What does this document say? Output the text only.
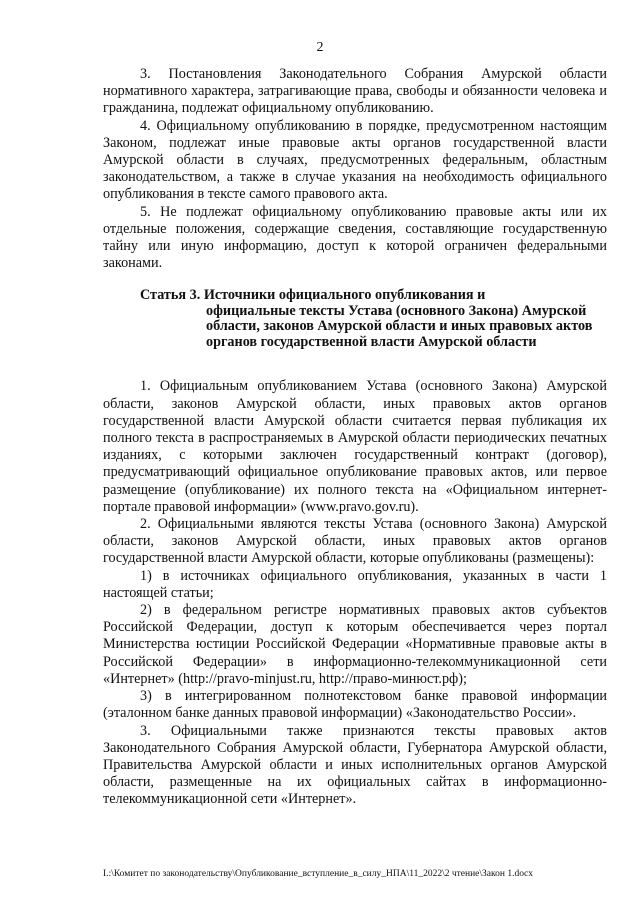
2

3. Постановления Законодательного Собрания Амурской области нормативного характера, затрагивающие права, свободы и обязанности человека и гражданина, подлежат официальному опубликованию.

4. Официальному опубликованию в порядке, предусмотренном настоящим Законом, подлежат иные правовые акты органов государственной власти Амурской области в случаях, предусмотренных федеральным, областным законодательством, а также в случае указания на необходимость официального опубликования в тексте самого правового акта.

5. Не подлежат официальному опубликованию правовые акты или их отдельные положения, содержащие сведения, составляющие государственную тайну или иную информацию, доступ к которой ограничен федеральными законами.

Статья 3. Источники официального опубликования и
официальные тексты Устава (основного Закона) Амурской области, законов Амурской области и иных правовых актов органов государственной власти Амурской области

1. Официальным опубликованием Устава (основного Закона) Амурской области, законов Амурской области, иных правовых актов органов государственной власти Амурской области считается первая публикация их полного текста в распространяемых в Амурской области периодических печатных изданиях, с которыми заключен государственный контракт (договор), предусматривающий официальное опубликование правовых актов, или первое размещение (опубликование) их полного текста на «Официальном интернет-портале правовой информации» (www.pravo.gov.ru).

2. Официальными являются тексты Устава (основного Закона) Амурской области, законов Амурской области, иных правовых актов органов государственной власти Амурской области, которые опубликованы (размещены):

1) в источниках официального опубликования, указанных в части 1 настоящей статьи;

2) в федеральном регистре нормативных правовых актов субъектов Российской Федерации, доступ к которым обеспечивается через портал Министерства юстиции Российской Федерации «Нормативные правовые акты в Российской Федерации» в информационно-телекоммуникационной сети «Интернет» (http://pravo-minjust.ru, http://право-минюст.рф);

3) в интегрированном полнотекстовом банке правовой информации (эталонном банке данных правовой информации) «Законодательство России».

3. Официальными также признаются тексты правовых актов Законодательного Собрания Амурской области, Губернатора Амурской области, Правительства Амурской области и иных исполнительных органов Амурской области, размещенные на их официальных сайтах в информационно-телекоммуникационной сети «Интернет».

I.:\Комитет по законодательству\Опубликование_вступление_в_силу_НПА\11_2022\2 чтение\Закон 1.docx
